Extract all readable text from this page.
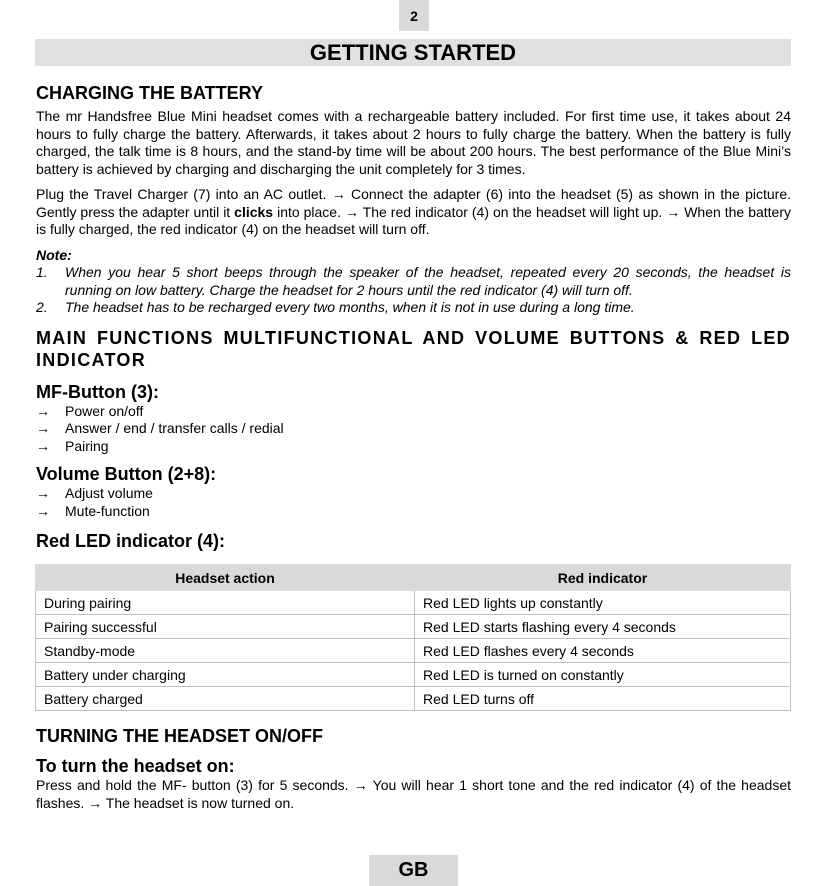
2
GETTING STARTED
CHARGING THE BATTERY

The mr Handsfree Blue Mini headset comes with a rechargeable battery included. For first time use, it takes about 24 hours to fully charge the battery. Afterwards, it takes about 2 hours to fully charge the battery. When the battery is fully charged, the talk time is 8 hours, and the stand-by time will be about 200 hours. The best performance of the Blue Mini’s battery is achieved by charging and discharging the unit completely for 3 times.

Plug the Travel Charger (7) into an AC outlet. → Connect the adapter (6) into the headset (5) as shown in the picture. Gently press the adapter until it clicks into place. → The red indicator (4) on the headset will light up. → When the battery is fully charged, the red indicator (4) on the headset will turn off.

Note:
1.	When you hear 5 short beeps through the speaker of the headset, repeated every 20 seconds, the headset is running on low battery. Charge the headset for 2 hours until the red indicator (4) will turn off.
2.	The headset has to be recharged every two months, when it is not in use during a long time.
MAIN FUNCTIONS MULTIFUNCTIONAL AND VOLUME BUTTONS & RED LED INDICATOR
MF-Button (3):
→	Power on/off
→	Answer / end / transfer calls / redial
→	Pairing
Volume Button (2+8):
→	Adjust volume
→	Mute-function
Red LED indicator (4):
Headset action	Red indicator
During pairing	Red LED lights up constantly
Pairing successful	Red LED starts flashing every 4 seconds
Standby-mode	Red LED flashes every 4 seconds
Battery under charging	Red LED is turned on constantly
Battery charged	Red LED turns off
TURNING THE HEADSET ON/OFF
To turn the headset on:

Press and hold the MF- button (3) for 5 seconds. → You will hear 1 short tone and the red indicator (4) of the headset flashes. → The headset is now turned on.

GB
